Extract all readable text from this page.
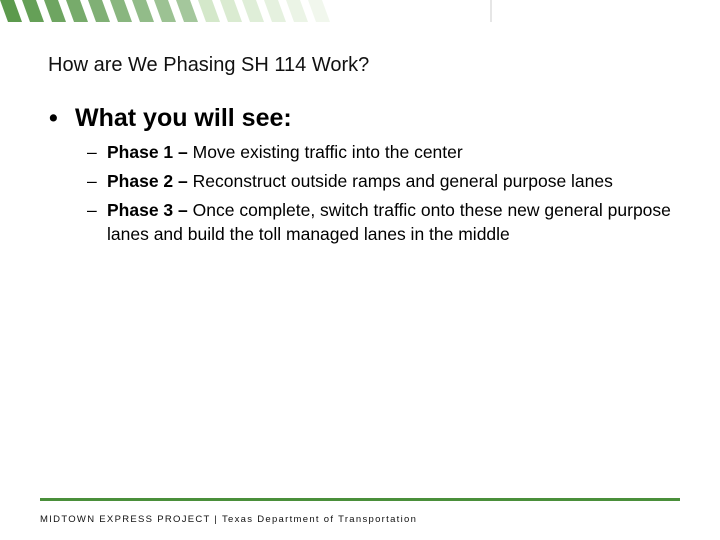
How are We Phasing SH 114 Work?
• What you will see:
– Phase 1 – Move existing traffic into the center
– Phase 2 – Reconstruct outside ramps and general purpose lanes
– Phase 3 – Once complete, switch traffic onto these new general purpose lanes and build the toll managed lanes in the middle
MIDTOWN EXPRESS PROJECT | Texas Department of Transportation
